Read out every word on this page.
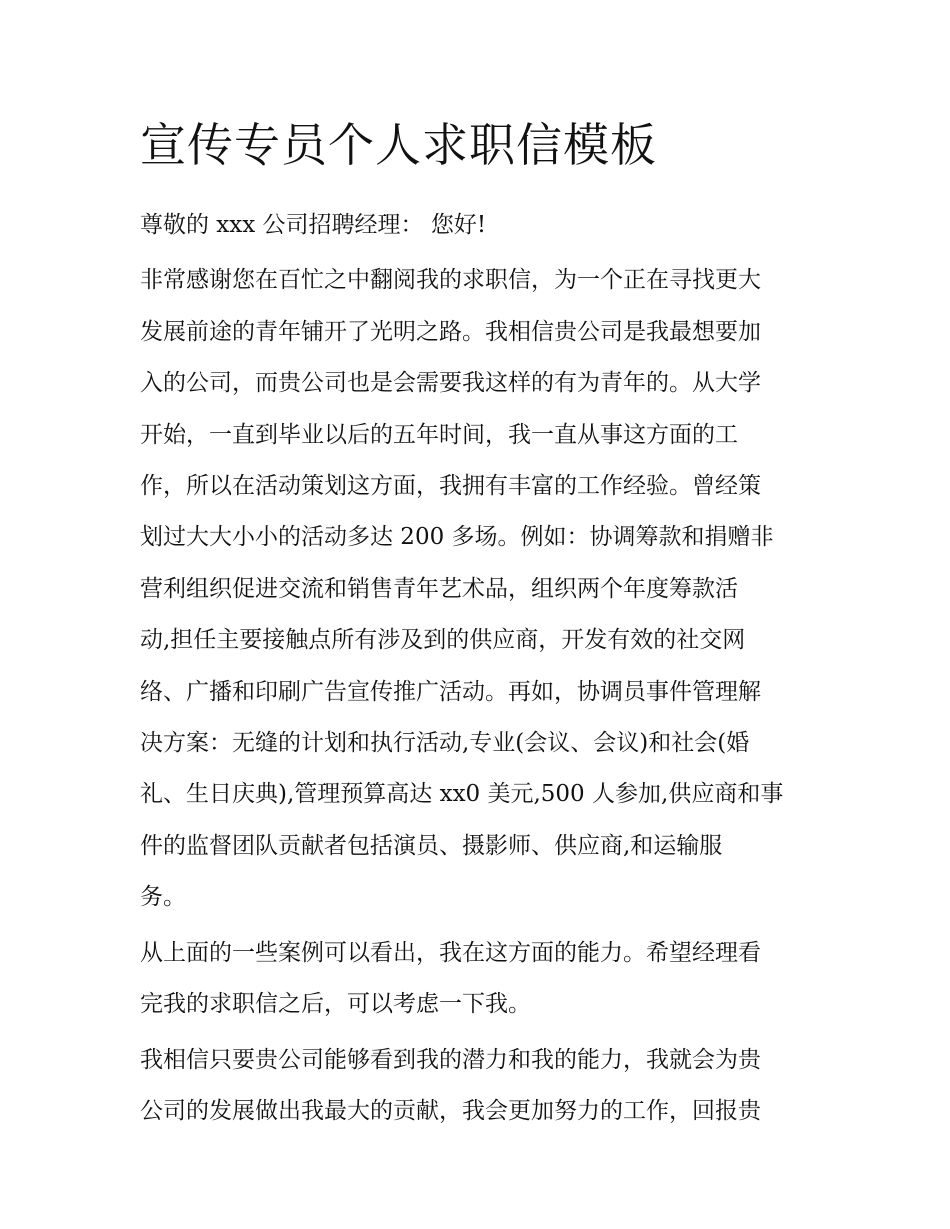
宣传专员个人求职信模板

尊敬的 xxx 公司招聘经理： 您好!

非常感谢您在百忙之中翻阅我的求职信，为一个正在寻找更大
发展前途的青年铺开了光明之路。我相信贵公司是我最想要加
入的公司，而贵公司也是会需要我这样的有为青年的。从大学
开始，一直到毕业以后的五年时间，我一直从事这方面的工
作，所以在活动策划这方面，我拥有丰富的工作经验。曾经策
划过大大小小的活动多达 200 多场。例如：协调筹款和捐赠非
营利组织促进交流和销售青年艺术品，组织两个年度筹款活
动,担任主要接触点所有涉及到的供应商，开发有效的社交网
络、广播和印刷广告宣传推广活动。再如，协调员事件管理解
决方案：无缝的计划和执行活动,专业(会议、会议)和社会(婚
礼、生日庆典),管理预算高达 xx0 美元,500 人参加,供应商和事
件的监督团队贡献者包括演员、摄影师、供应商,和运输服
务。

从上面的一些案例可以看出，我在这方面的能力。希望经理看
完我的求职信之后，可以考虑一下我。

我相信只要贵公司能够看到我的潜力和我的能力，我就会为贵
公司的发展做出我最大的贡献，我会更加努力的工作，回报贵
